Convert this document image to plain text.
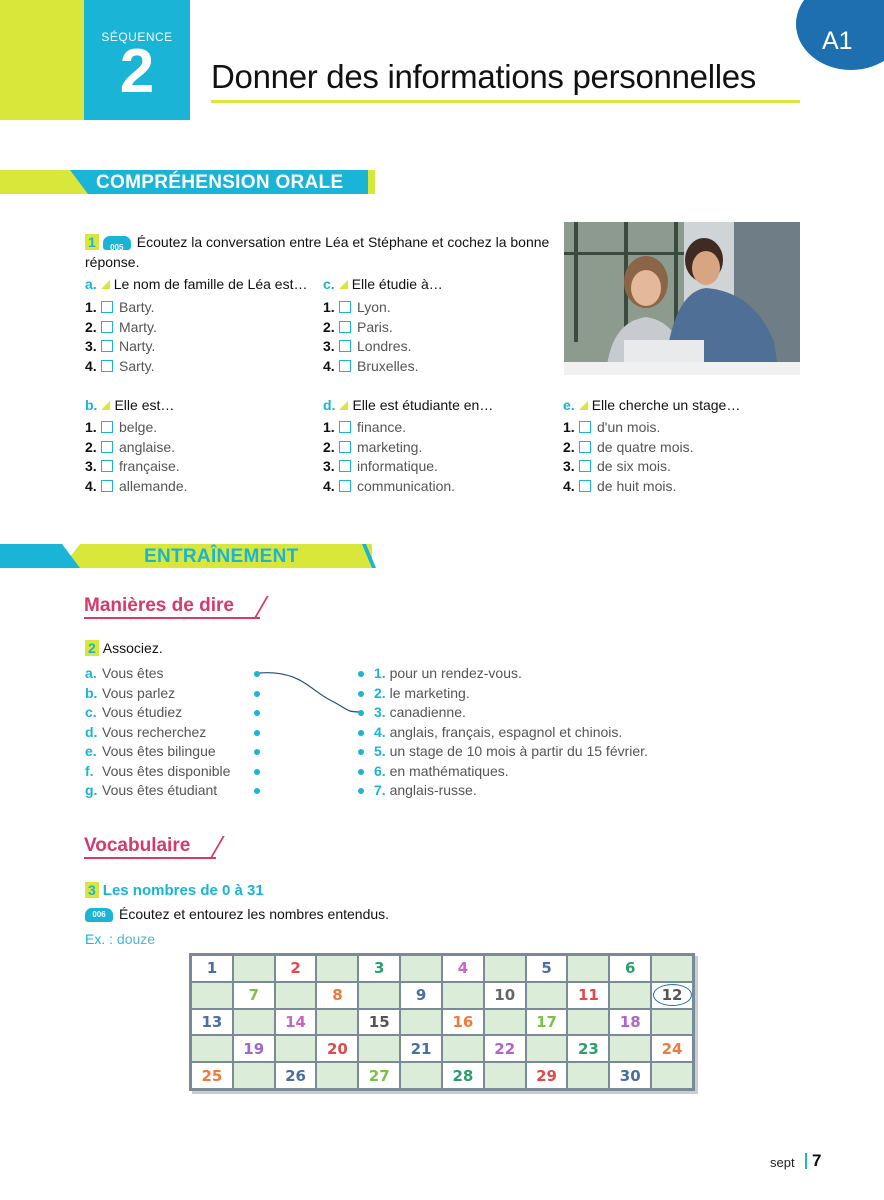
SÉQUENCE
2	Donner des informations personnelles
A1
COMPRÉHENSION ORALE
1	005 Écoutez la conversation entre Léa et Stéphane et cochez la bonne réponse.
a. Le nom de famille de Léa est… c. Elle étudie à…
b. Elle est…	d. Elle est étudiante en…	e. Elle cherche un stage…
ENTRAÎNEMENT
Manières de dire
2 Associez.
Vocabulaire
3 Les nombres de 0 à 31
006 Écoutez et entourez les nombres entendus.
Ex. : douze
1	2	3	4	5	6
7	8	9	10	11	12
13	14	15	16	17	18
19	20	21	22	23	24
25	26	27	28	29	30
sept 7
1. Barty.
2. Marty.
3. Narty.
4. Sarty.
1. Lyon.
2. Paris.
3. Londres.
4. Bruxelles.
1. belge.
2. anglaise.
3. française.
4. allemande.
1. finance.
2. marketing.
3. informatique.
4. communication.
1. d'un mois.
2. de quatre mois.
3. de six mois.
4. de huit mois.
a. Vous êtes
b. Vous parlez
c. Vous étudiez
d. Vous recherchez
e. Vous êtes bilingue
f. Vous êtes disponible
g. Vous êtes étudiant
1. pour un rendez-vous.
2. le marketing.
3. canadienne.
4. anglais, français, espagnol et chinois.
5. un stage de 10 mois à partir du 15 février.
6. en mathématiques.
7. anglais-russe.
